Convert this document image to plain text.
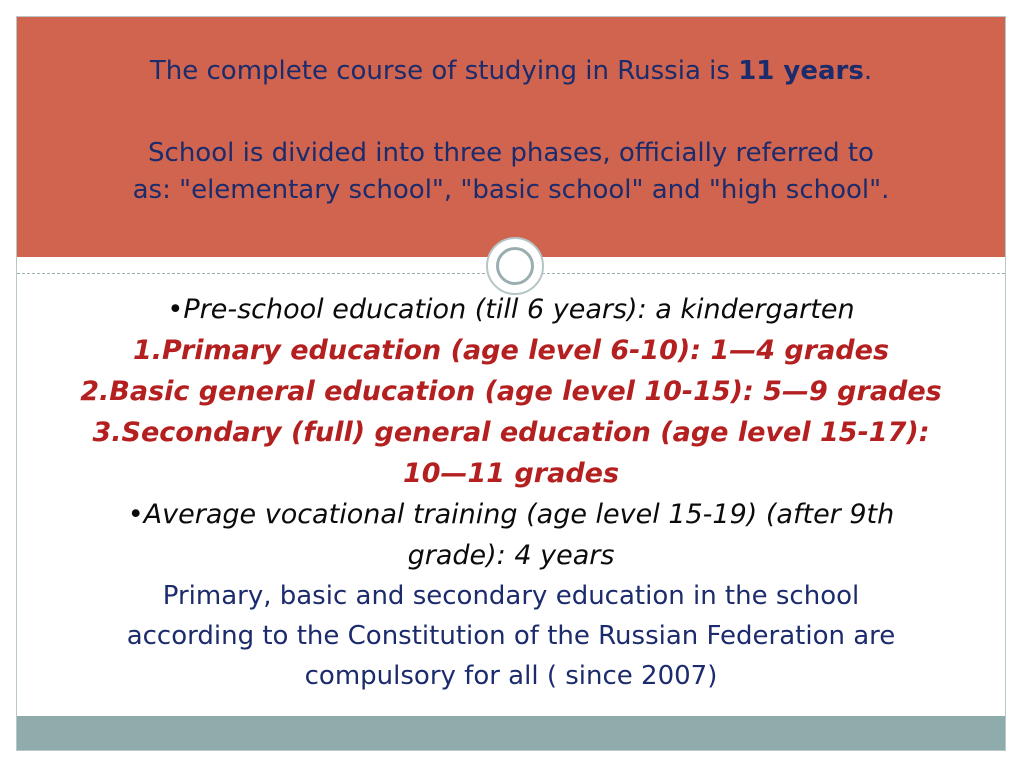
The complete course of studying in Russia is 11 years.

School is divided into three phases, officially referred to

as: "elementary school", "basic school" and "high school".

•Pre-school education (till 6 years): a kindergarten
1.Primary education (age level 6-10): 1—4 grades
2.Basic general education (age level 10-15): 5—9 grades
3.Secondary (full) general education (age level 15-17):
10—11 grades
•Average vocational training (age level 15-19) (after 9th
grade): 4 years
Primary, basic and secondary education in the school
according to the Constitution of the Russian Federation are
compulsory for all ( since 2007)
